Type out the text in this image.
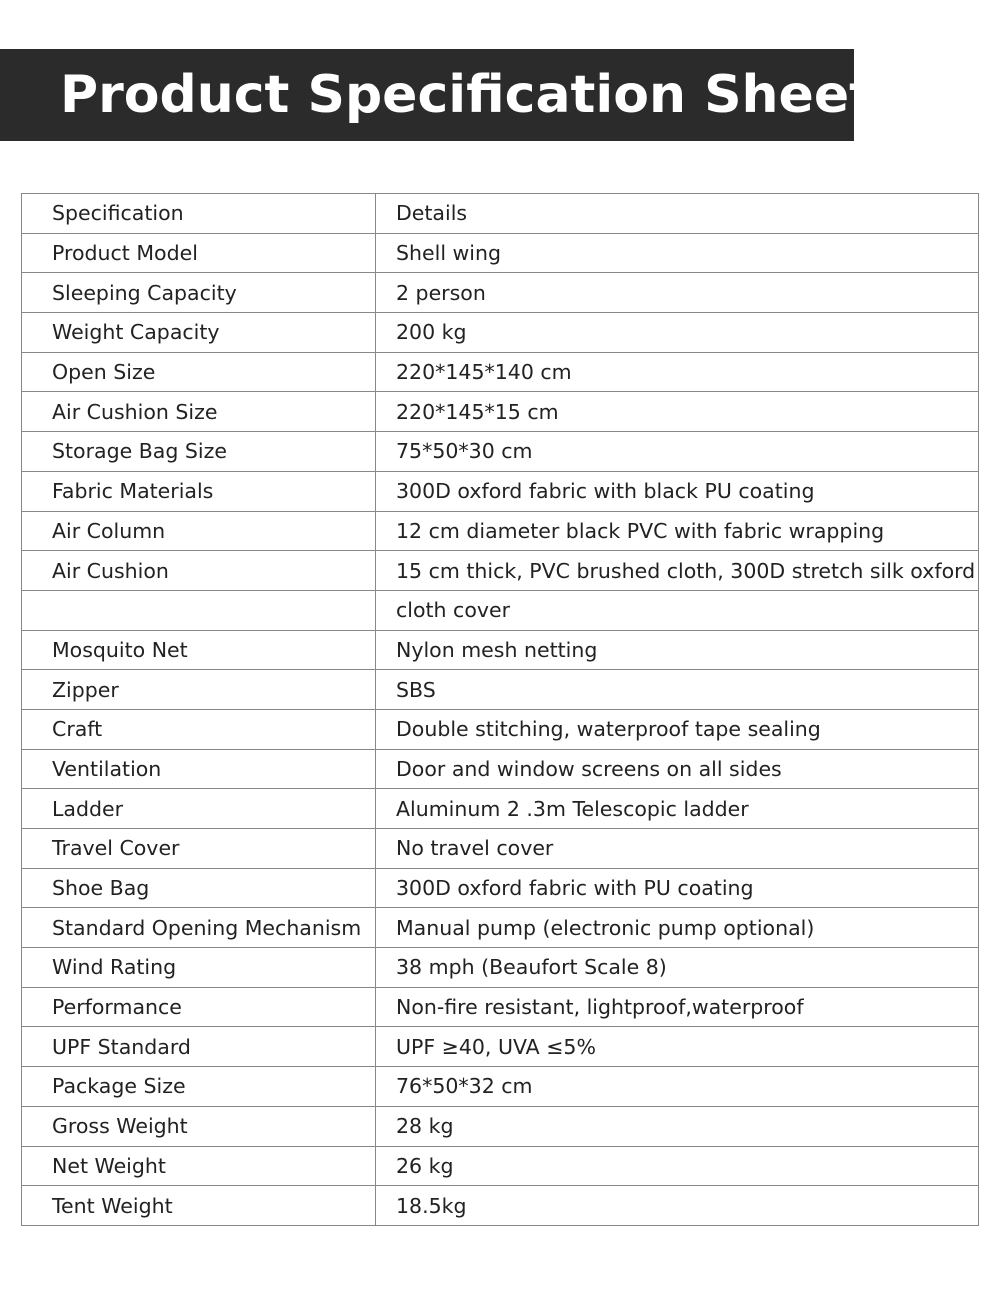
Product Specification Sheet
Specification	Details
Product Model	Shell wing
Sleeping Capacity	2 person
Weight Capacity	200 kg
Open Size	220*145*140 cm
Air Cushion Size	220*145*15 cm
Storage Bag Size	75*50*30 cm
Fabric Materials	300D oxford fabric with black PU coating
Air Column	12 cm diameter black PVC with fabric wrapping
Air Cushion	15 cm thick, PVC brushed cloth, 300D stretch silk oxford
	cloth cover
Mosquito Net	Nylon mesh netting
Zipper	SBS
Craft	Double stitching, waterproof tape sealing
Ventilation	Door and window screens on all sides
Ladder	Aluminum 2 .3m Telescopic ladder
Travel Cover	No travel cover
Shoe Bag	300D oxford fabric with PU coating
Standard Opening Mechanism	Manual pump (electronic pump optional)
Wind Rating	38 mph (Beaufort Scale 8)
Performance	Non-fire resistant, lightproof,waterproof
UPF Standard	UPF ≥40, UVA ≤5%
Package Size	76*50*32 cm
Gross Weight	28 kg
Net Weight	26 kg
Tent Weight	18.5kg
